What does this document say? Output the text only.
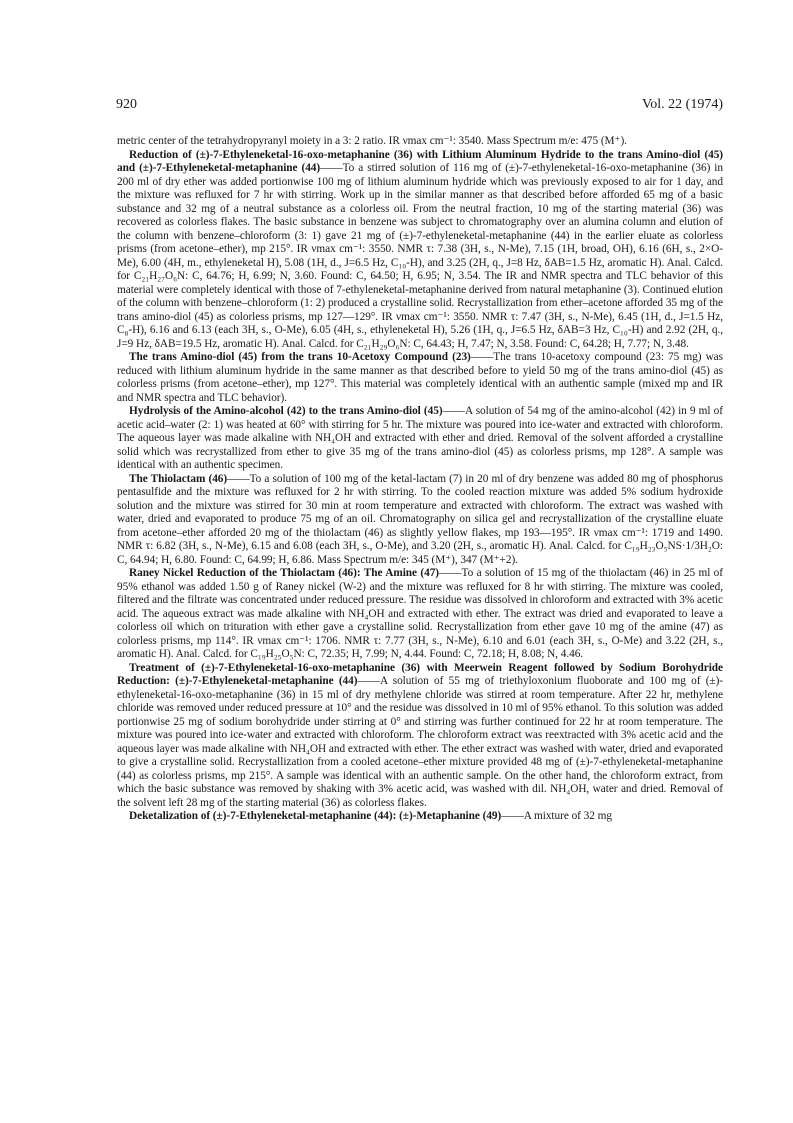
920	Vol. 22 (1974)

metric center of the tetrahydropyranyl moiety in a 3: 2 ratio. IR νmax cm⁻¹: 3540. Mass Spectrum m/e: 475 (M⁺).

Reduction of (±)-7-Ethyleneketal-16-oxo-metaphanine (36) with Lithium Aluminum Hydride to the trans Amino-diol (45) and (±)-7-Ethyleneketal-metaphanine (44)——To a stirred solution of 116 mg of (±)-7-ethyleneketal-16-oxo-metaphanine (36) in 200 ml of dry ether was added portionwise 100 mg of lithium aluminum hydride which was previously exposed to air for 1 day, and the mixture was refluxed for 7 hr with stirring. Work up in the similar manner as that described before afforded 65 mg of a basic substance and 32 mg of a neutral substance as a colorless oil. From the neutral fraction, 10 mg of the starting material (36) was recovered as colorless flakes. The basic substance in benzene was subject to chromatography over an alumina column and elution of the column with benzene–chloroform (3: 1) gave 21 mg of (±)-7-ethyleneketal-metaphanine (44) in the earlier eluate as colorless prisms (from acetone–ether), mp 215°. IR νmax cm⁻¹: 3550. NMR τ: 7.38 (3H, s., N-Me), 7.15 (1H, broad, OH), 6.16 (6H, s., 2×O-Me), 6.00 (4H, m., ethyleneketal H), 5.08 (1H, d., J=6.5 Hz, C₁₀-H), and 3.25 (2H, q., J=8 Hz, δAB=1.5 Hz, aromatic H). Anal. Calcd. for C₂₁H₂₇O₆N: C, 64.76; H, 6.99; N, 3.60. Found: C, 64.50; H, 6.95; N, 3.54. The IR and NMR spectra and TLC behavior of this material were completely identical with those of 7-ethyleneketal-metaphanine derived from natural metaphanine (3). Continued elution of the column with benzene–chloroform (1: 2) produced a crystalline solid. Recrystallization from ether–acetone afforded 35 mg of the trans amino-diol (45) as colorless prisms, mp 127—129°. IR νmax cm⁻¹: 3550. NMR τ: 7.47 (3H, s., N-Me), 6.45 (1H, d., J=1.5 Hz, C₈-H), 6.16 and 6.13 (each 3H, s., O-Me), 6.05 (4H, s., ethyleneketal H), 5.26 (1H, q., J=6.5 Hz, δAB=3 Hz, C₁₀-H) and 2.92 (2H, q., J=9 Hz, δAB=19.5 Hz, aromatic H). Anal. Calcd. for C₂₁H₂₉O₆N: C, 64.43; H, 7.47; N, 3.58. Found: C, 64.28; H, 7.77; N, 3.48.

The trans Amino-diol (45) from the trans 10-Acetoxy Compound (23)——The trans 10-acetoxy compound (23: 75 mg) was reduced with lithium aluminum hydride in the same manner as that described before to yield 50 mg of the trans amino-diol (45) as colorless prisms (from acetone–ether), mp 127°. This material was completely identical with an authentic sample (mixed mp and IR and NMR spectra and TLC behavior).

Hydrolysis of the Amino-alcohol (42) to the trans Amino-diol (45)——A solution of 54 mg of the amino-alcohol (42) in 9 ml of acetic acid–water (2: 1) was heated at 60° with stirring for 5 hr. The mixture was poured into ice-water and extracted with chloroform. The aqueous layer was made alkaline with NH₄OH and extracted with ether and dried. Removal of the solvent afforded a crystalline solid which was recrystallized from ether to give 35 mg of the trans amino-diol (45) as colorless prisms, mp 128°. A sample was identical with an authentic specimen.

The Thiolactam (46)——To a solution of 100 mg of the ketal-lactam (7) in 20 ml of dry benzene was added 80 mg of phosphorus pentasulfide and the mixture was refluxed for 2 hr with stirring. To the cooled reaction mixture was added 5% sodium hydroxide solution and the mixture was stirred for 30 min at room temperature and extracted with chloroform. The extract was washed with water, dried and evaporated to produce 75 mg of an oil. Chromatography on silica gel and recrystallization of the crystalline eluate from acetone–ether afforded 20 mg of the thiolactam (46) as slightly yellow flakes, mp 193—195°. IR νmax cm⁻¹: 1719 and 1490. NMR τ: 6.82 (3H, s., N-Me), 6.15 and 6.08 (each 3H, s., O-Me), and 3.20 (2H, s., aromatic H). Anal. Calcd. for C₁₉H₂₃O₅NS·1/3H₂O: C, 64.94; H, 6.80. Found: C, 64.99; H, 6.86. Mass Spectrum m/e: 345 (M⁺), 347 (M⁺+2).

Raney Nickel Reduction of the Thiolactam (46): The Amine (47)——To a solution of 15 mg of the thiolactam (46) in 25 ml of 95% ethanol was added 1.50 g of Raney nickel (W-2) and the mixture was refluxed for 8 hr with stirring. The mixture was cooled, filtered and the filtrate was concentrated under reduced pressure. The residue was dissolved in chloroform and extracted with 3% acetic acid. The aqueous extract was made alkaline with NH₄OH and extracted with ether. The extract was dried and evaporated to leave a colorless oil which on trituration with ether gave a crystalline solid. Recrystallization from ether gave 10 mg of the amine (47) as colorless prisms, mp 114°. IR νmax cm⁻¹: 1706. NMR τ: 7.77 (3H, s., N-Me), 6.10 and 6.01 (each 3H, s., O-Me) and 3.22 (2H, s., aromatic H). Anal. Calcd. for C₁₉H₂₅O₅N: C, 72.35; H, 7.99; N, 4.44. Found: C, 72.18; H, 8.08; N, 4.46.

Treatment of (±)-7-Ethyleneketal-16-oxo-metaphanine (36) with Meerwein Reagent followed by Sodium Borohydride Reduction: (±)-7-Ethyleneketal-metaphanine (44)——A solution of 55 mg of triethyloxonium fluoborate and 100 mg of (±)-ethyleneketal-16-oxo-metaphanine (36) in 15 ml of dry methylene chloride was stirred at room temperature. After 22 hr, methylene chloride was removed under reduced pressure at 10° and the residue was dissolved in 10 ml of 95% ethanol. To this solution was added portionwise 25 mg of sodium borohydride under stirring at 0° and stirring was further continued for 22 hr at room temperature. The mixture was poured into ice-water and extracted with chloroform. The chloroform extract was reextracted with 3% acetic acid and the aqueous layer was made alkaline with NH₄OH and extracted with ether. The ether extract was washed with water, dried and evaporated to give a crystalline solid. Recrystallization from a cooled acetone–ether mixture provided 48 mg of (±)-7-ethyleneketal-metaphanine (44) as colorless prisms, mp 215°. A sample was identical with an authentic sample. On the other hand, the chloroform extract, from which the basic substance was removed by shaking with 3% acetic acid, was washed with dil. NH₄OH, water and dried. Removal of the solvent left 28 mg of the starting material (36) as colorless flakes.

Deketalization of (±)-7-Ethyleneketal-metaphanine (44): (±)-Metaphanine (49)——A mixture of 32 mg
